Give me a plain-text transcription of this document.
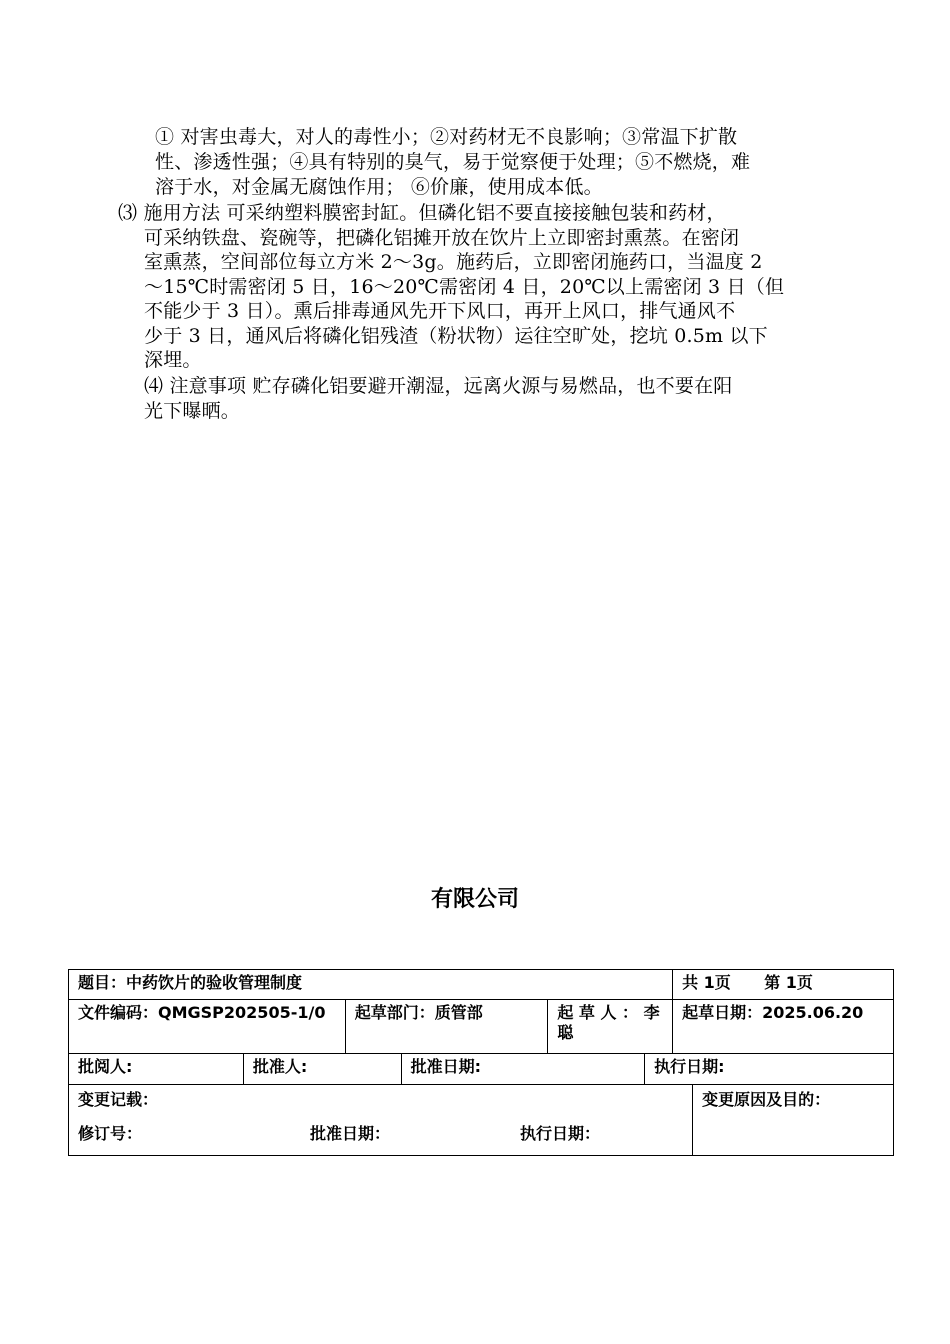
① 对害虫毒大，对人的毒性小；②对药材无不良影响；③常温下扩散
性、渗透性强；④具有特别的臭气，易于觉察便于处理；⑤不燃烧，难
溶于水，对金属无腐蚀作用； ⑥价廉，使用成本低。
⑶ 施用方法 可采纳塑料膜密封缸。但磷化铝不要直接接触包装和药材，
可采纳铁盘、瓷碗等，把磷化铝摊开放在饮片上立即密封熏蒸。在密闭
室熏蒸，空间部位每立方米 2～3g。施药后，立即密闭施药口，当温度 2
～15℃时需密闭 5 日，16～20℃需密闭 4 日，20℃以上需密闭 3 日（但
不能少于 3 日）。熏后排毒通风先开下风口，再开上风口，排气通风不
少于 3 日，通风后将磷化铝残渣（粉状物）运往空旷处，挖坑 0.5m 以下
深埋。
⑷ 注意事项 贮存磷化铝要避开潮湿，远离火源与易燃品，也不要在阳
光下曝晒。
有限公司
题目：中药饮片的验收管理制度	共 1页      第 1页
文件编码：QMGSP202505-1/0	起草部门：质管部	起 草 人 ： 李聪	起草日期：2025.06.20
批阅人:	批准人:	批准日期:	执行日期:

变更记载：
修订号：	批准日期：	执行日期：
	变更原因及目的：
